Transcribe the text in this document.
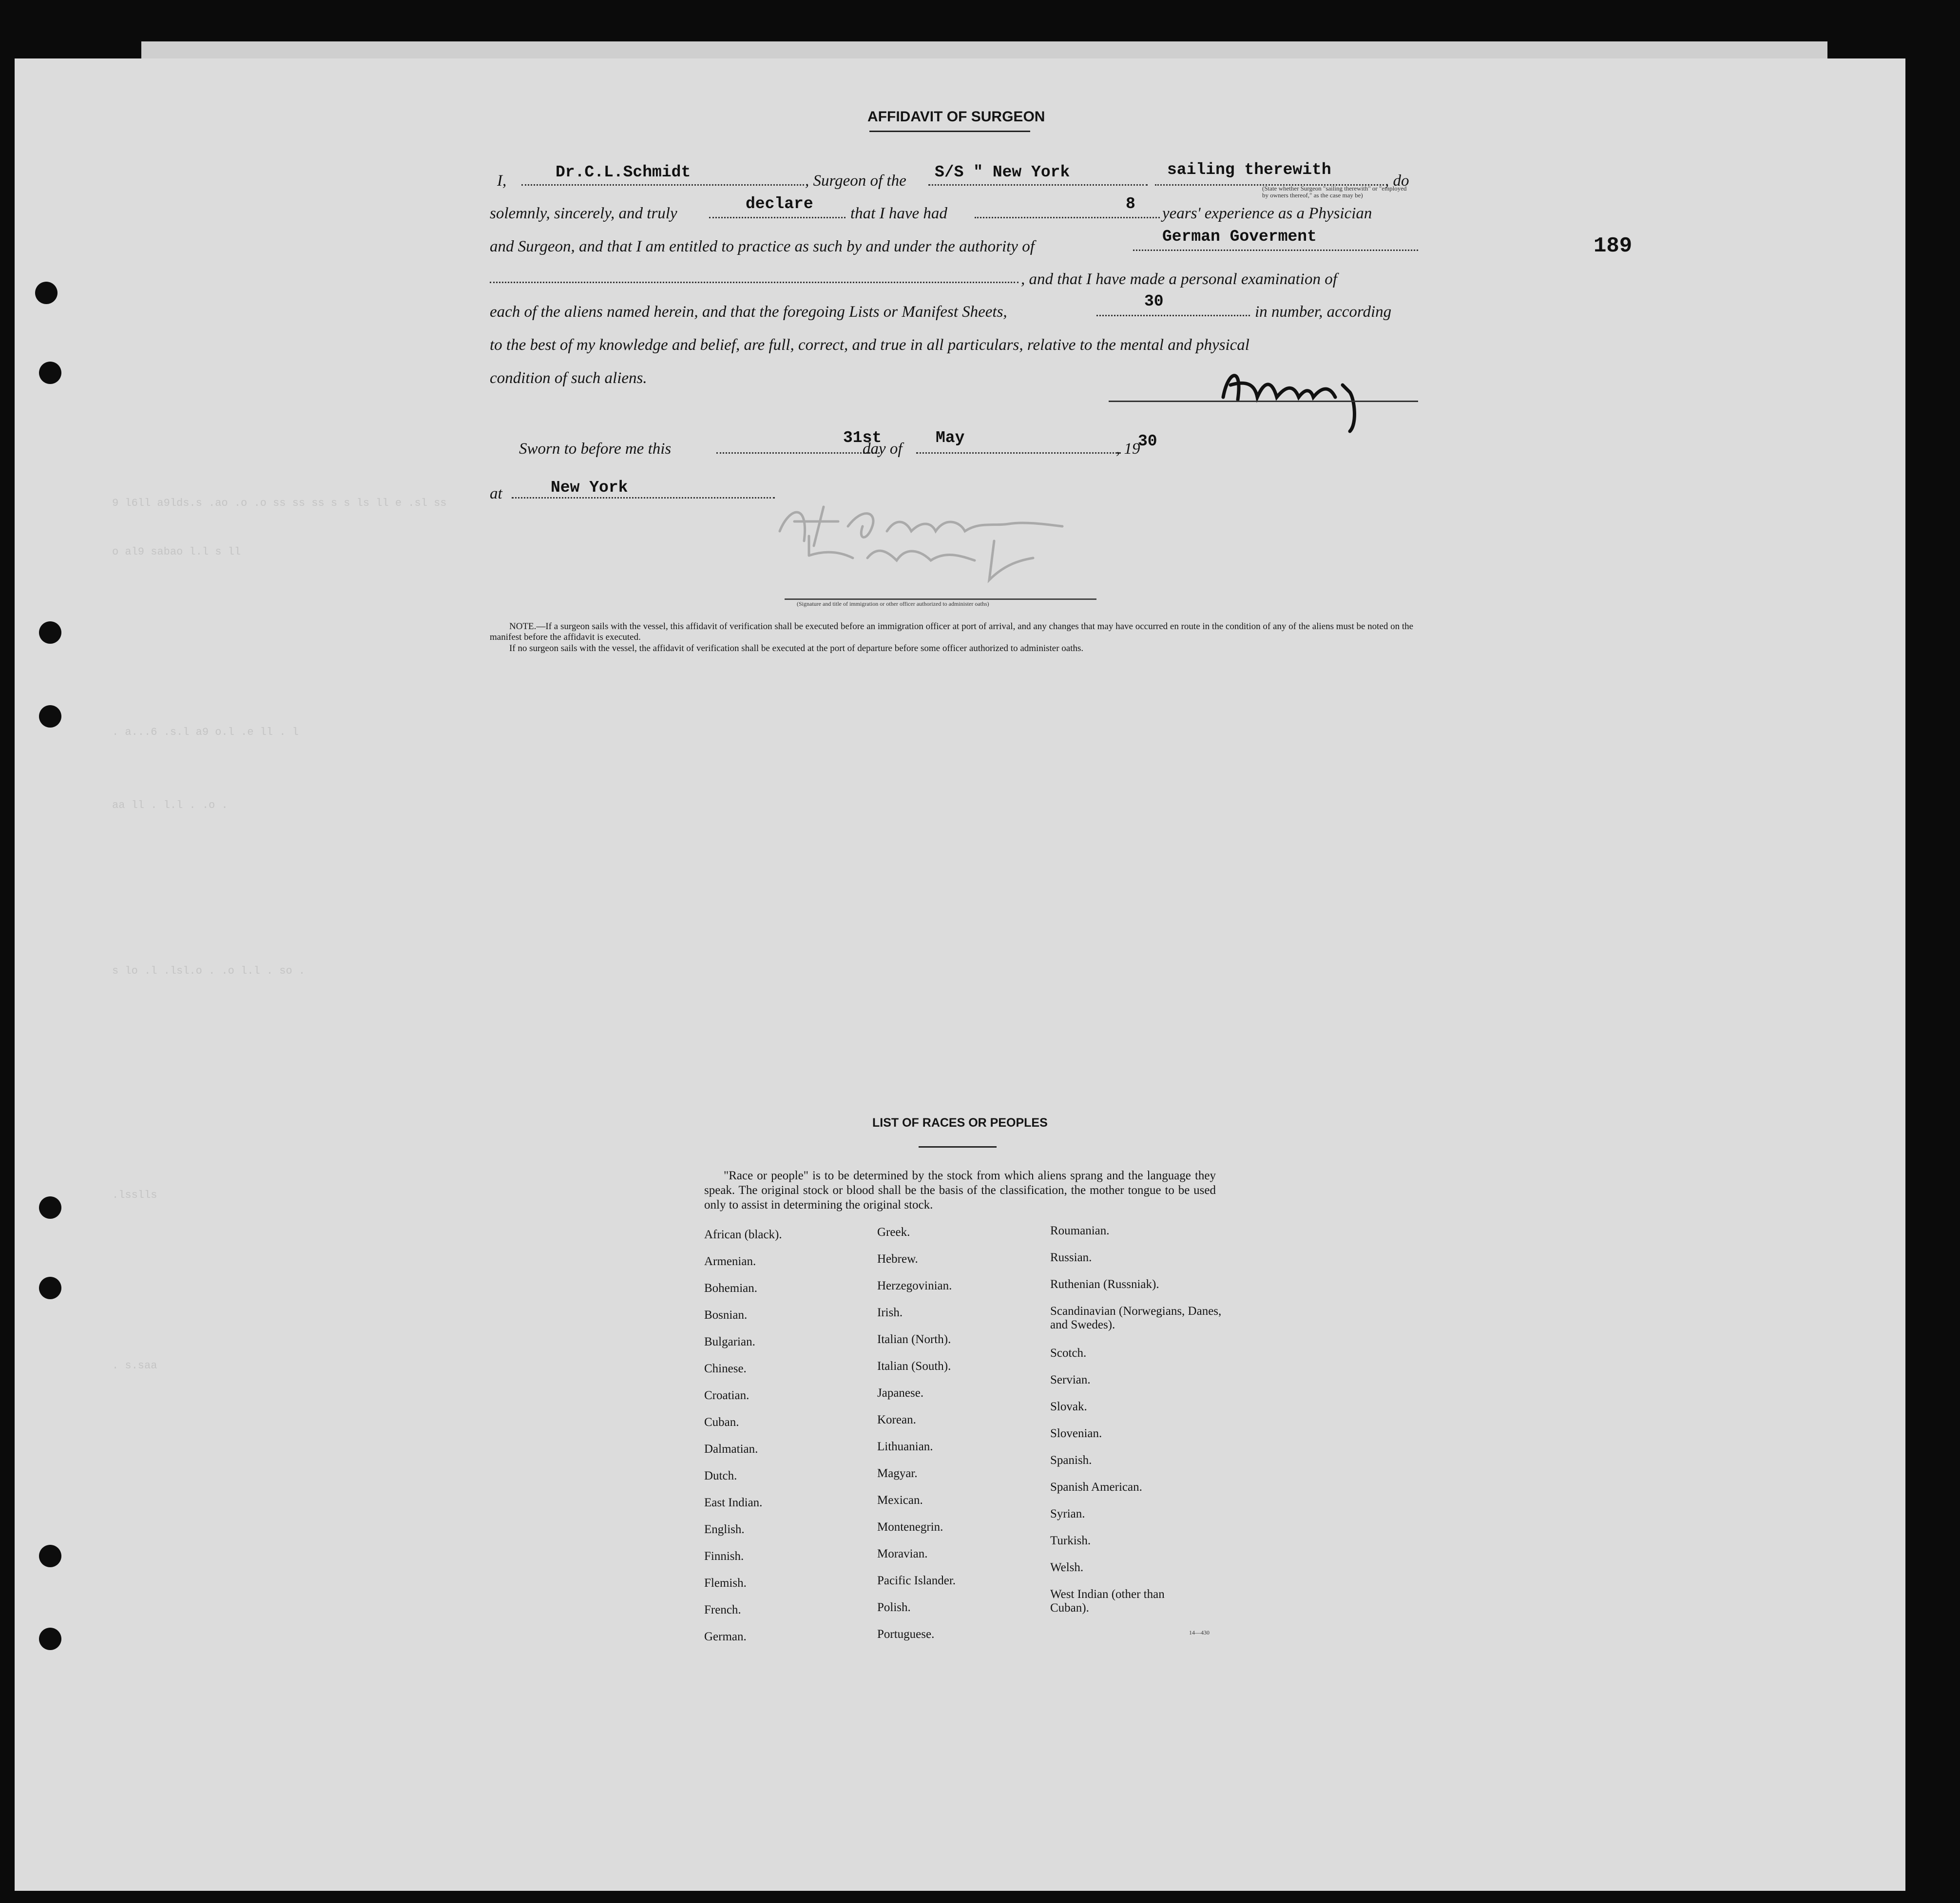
9 l6ll a9lds.s .ao .o .o ss ss ss s s ls ll e .sl ss
o al9 sabao l.l s ll
. a...6 .s.l a9 o.l .e ll . l
aa ll . l.l . .o .
s lo .l .lsl.o . .o l.l . so .
.lsslls
. s.saa
AFFIDAVIT OF SURGEON
189
I,	Dr.C.L.Schmidt	, Surgeon of the S/S " New York	sailing therewith
, do
(State whether Surgeon "sailing therewith" or "employed by owners thereof," as the case may be)
solemnly, sincerely, and truly
declare
that I have had
8
years' experience as a Physician
and Surgeon, and that I am entitled to practice as such by and under the authority of
German Goverment
, and that I have made a personal examination of
each of the aliens named herein, and that the foregoing Lists or Manifest Sheets,
30
in number, according
to the best of my knowledge and belief, are full, correct, and true in all particulars, relative to the mental and physical
condition of such aliens.
Sworn to before me this
31st
day of
May
, 19
30
at	New York
(Signature and title of immigration or other officer authorized to administer oaths)
NOTE.—If a surgeon sails with the vessel, this affidavit of verification shall be executed before an immigration officer at port of arrival, and any changes that may have occurred en route in the condition of any of the aliens must be noted on the manifest before the affidavit is executed.
If no surgeon sails with the vessel, the affidavit of verification shall be executed at the port of departure before some officer authorized to administer oaths.
LIST OF RACES OR PEOPLES
"Race or people" is to be determined by the stock from which aliens sprang and the language they speak. The original stock or blood shall be the basis of the classification, the mother tongue to be used only to assist in determining the original stock.
African (black).
Armenian.
Bohemian.
Bosnian.
Bulgarian.
Chinese.
Croatian.
Cuban.
Dalmatian.
Dutch.
East Indian.
English.
Finnish.
Flemish.
French.
German.
Greek.
Hebrew.
Herzegovinian.
Irish.
Italian (North).
Italian (South).
Japanese.
Korean.
Lithuanian.
Magyar.
Mexican.
Montenegrin.
Moravian.
Pacific Islander.
Polish.
Portuguese.
Roumanian.
Russian.
Ruthenian (Russniak).
Scandinavian (Norwegians, Danes, and Swedes).
Scotch.
Servian.
Slovak.
Slovenian.
Spanish.
Spanish American.
Syrian.
Turkish.
Welsh.
West Indian (other than Cuban).
14—430
